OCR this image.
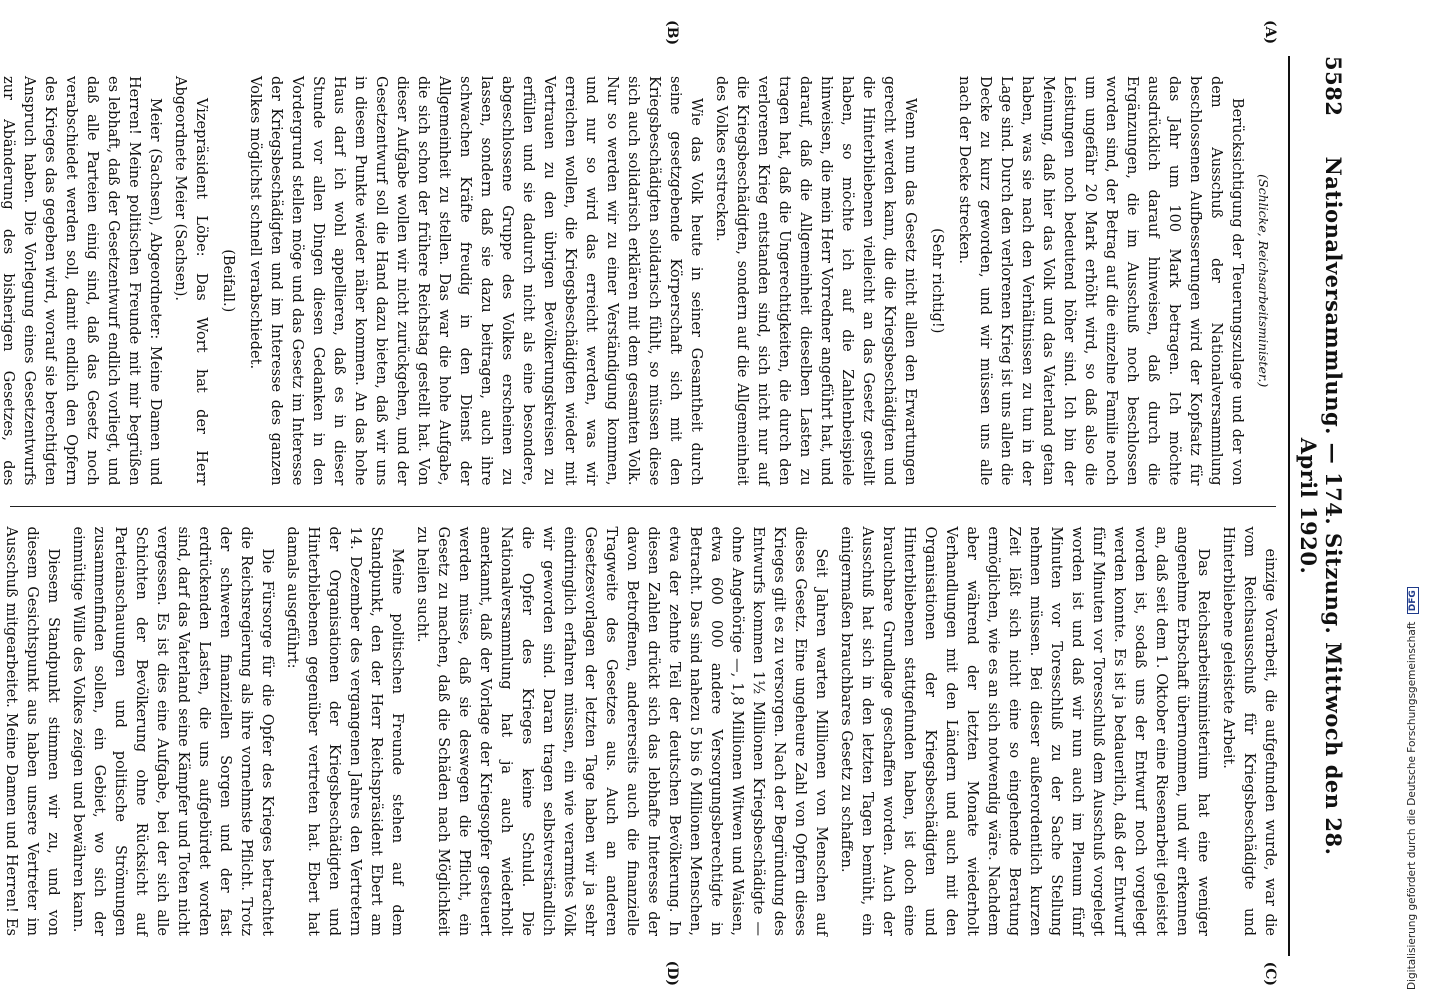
5582
Nationalversammlung. — 174. Sitzung. Mittwoch den 28. April 1920.
(A)
(B)
(C)
(D)

(Schlicke, Reichsarbeitsminister.)

Berücksichtigung der Teuerungszulage und der von dem Ausschuß der Nationalversammlung beschlossenen Aufbesserungen wird der Kopfsatz für das Jahr um 100 Mark betragen. Ich möchte ausdrücklich darauf hinweisen, daß durch die Ergänzungen, die im Ausschuß noch beschlossen worden sind, der Betrag auf die einzelne Familie noch um ungefähr 20 Mark erhöht wird, so daß also die Leistungen noch bedeutend höher sind. Ich bin der Meinung, daß hier das Volk und das Vaterland getan haben, was sie nach den Verhältnissen zu tun in der Lage sind. Durch den verlorenen Krieg ist uns allen die Decke zu kurz geworden, und wir müssen uns alle nach der Decke strecken.

(Sehr richtig!)

Wenn nun das Gesetz nicht allen den Erwartungen gerecht werden kann, die die Kriegsbeschädigten und die Hinterbliebenen vielleicht an das Gesetz gestellt haben, so möchte ich auf die Zahlenbeispiele hinweisen, die mein Herr Vorredner angeführt hat, und darauf, daß die Allgemeinheit dieselben Lasten zu tragen hat, daß die Ungerechtigkeiten, die durch den verlorenen Krieg entstanden sind, sich nicht nur auf die Kriegsbeschädigten, sondern auf die Allgemeinheit des Volkes erstrecken.

Wie das Volk heute in seiner Gesamtheit durch seine gesetzgebende Körperschaft sich mit den Kriegsbeschädigten solidarisch fühlt, so müssen diese sich auch solidarisch erklären mit dem gesamten Volk. Nur so werden wir zu einer Verständigung kommen, und nur so wird das erreicht werden, was wir erreichen wollen, die Kriegsbeschädigten wieder mit Vertrauen zu den übrigen Bevölkerungskreisen zu erfüllen und sie dadurch nicht als eine besondere, abgeschlossene Gruppe des Volkes erscheinen zu lassen, sondern daß sie dazu beitragen, auch ihre schwachen Kräfte freudig in den Dienst der Allgemeinheit zu stellen. Das war die hohe Aufgabe, die sich schon der frühere Reichstag gestellt hat. Von dieser Aufgabe wollen wir nicht zurückgehen, und der Gesetzentwurf soll die Hand dazu bieten, daß wir uns in diesem Punkte wieder näher kommen. An das hohe Haus darf ich wohl appellieren, daß es in dieser Stunde vor allen Dingen diesen Gedanken in den Vordergrund stellen möge und das Gesetz im Interesse der Kriegsbeschädigten und im Interesse des ganzen Volkes möglichst schnell verabschiedet.

(Beifall.)

Vizepräsident Löbe: Das Wort hat der Herr Abgeordnete Meier (Sachsen).

Meier (Sachsen), Abgeordneter: Meine Damen und Herren! Meine politischen Freunde mit mir begrüßen es lebhaft, daß der Gesetzentwurf endlich vorliegt, und daß alle Parteien einig sind, daß das Gesetz noch verabschiedet werden soll, damit endlich den Opfern des Krieges das gegeben wird, worauf sie berechtigten Anspruch haben. Die Vorlegung eines Gesetzentwurfs zur Abänderung des bisherigen Gesetzes, des

einzige Vorarbeit, die aufgefunden wurde, war die vom Reichsausschuß für Kriegsbeschädigte und Hinterbliebene geleistete Arbeit.

Das Reichsarbeitsministerium hat eine weniger angenehme Erbschaft übernommen, und wir erkennen an, daß seit dem 1. Oktober eine Riesenarbeit geleistet worden ist, sodaß uns der Entwurf noch vorgelegt werden konnte. Es ist ja bedauerlich, daß der Entwurf fünf Minuten vor Toresschluß dem Ausschuß vorgelegt worden ist und daß wir nun auch im Plenum fünf Minuten vor Toresschluß zu der Sache Stellung nehmen müssen. Bei dieser außerordentlich kurzen Zeit läßt sich nicht eine so eingehende Beratung ermöglichen, wie es an sich notwendig wäre. Nachdem aber während der letzten Monate wiederholt Verhandlungen mit den Ländern und auch mit den Organisationen der Kriegsbeschädigten und Hinterbliebenen stattgefunden haben, ist doch eine brauchbare Grundlage geschaffen worden. Auch der Ausschuß hat sich in den letzten Tagen bemüht, ein einigermaßen brauchbares Gesetz zu schaffen.

Seit Jahren warten Millionen von Menschen auf dieses Gesetz. Eine ungeheure Zahl von Opfern dieses Krieges gilt es zu versorgen. Nach der Begründung des Entwurfs kommen 1½ Millionen Kriegsbeschädigte — ohne Angehörige —, 1,8 Millionen Witwen und Waisen, etwa 600 000 andere Versorgungsberechtigte in Betracht. Das sind nahezu 5 bis 6 Millionen Menschen, etwa der zehnte Teil der deutschen Bevölkerung. In diesen Zahlen drückt sich das lebhafte Interesse der davon Betroffenen, andererseits auch die finanzielle Tragweite des Gesetzes aus. Auch an anderen Gesetzesvorlagen der letzten Tage haben wir ja sehr eindringlich erfahren müssen, ein wie verarmtes Volk wir geworden sind. Daran tragen selbstverständlich die Opfer des Krieges keine Schuld. Die Nationalversammlung hat ja auch wiederholt anerkannt, daß der Vorlage der Kriegsopfer gesteuert werden müsse, daß sie deswegen die Pflicht, ein Gesetz zu machen, daß die Schäden nach Möglichkeit zu heilen sucht.

Meine politischen Freunde stehen auf dem Standpunkt, den der Herr Reichspräsident Ebert am 14. Dezember des vergangenen Jahres den Vertretern der Organisationen der Kriegsbeschädigten und Hinterbliebenen gegenüber vertreten hat. Ebert hat damals ausgeführt:

Die Fürsorge für die Opfer des Krieges betrachtet die Reichsregierung als ihre vornehmste Pflicht. Trotz der schweren finanziellen Sorgen und der fast erdrückenden Lasten, die uns aufgebürdet worden sind, darf das Vaterland seine Kämpfer und Toten nicht vergessen. Es ist dies eine Aufgabe, bei der sich alle Schichten der Bevölkerung ohne Rücksicht auf Parteianschauungen und politische Strömungen zusammenfinden sollen, ein Gebiet, wo sich der einmütige Wille des Volkes zeigen und bewähren kann.

Diesem Standpunkt stimmen wir zu, und von diesem Gesichtspunkt aus haben unsere Vertreter im Ausschuß mitgearbeitet. Meine Damen und Herren! Es	Digitalisierung gefördert durch die Deutsche Forschungsgemeinschaft DFG
